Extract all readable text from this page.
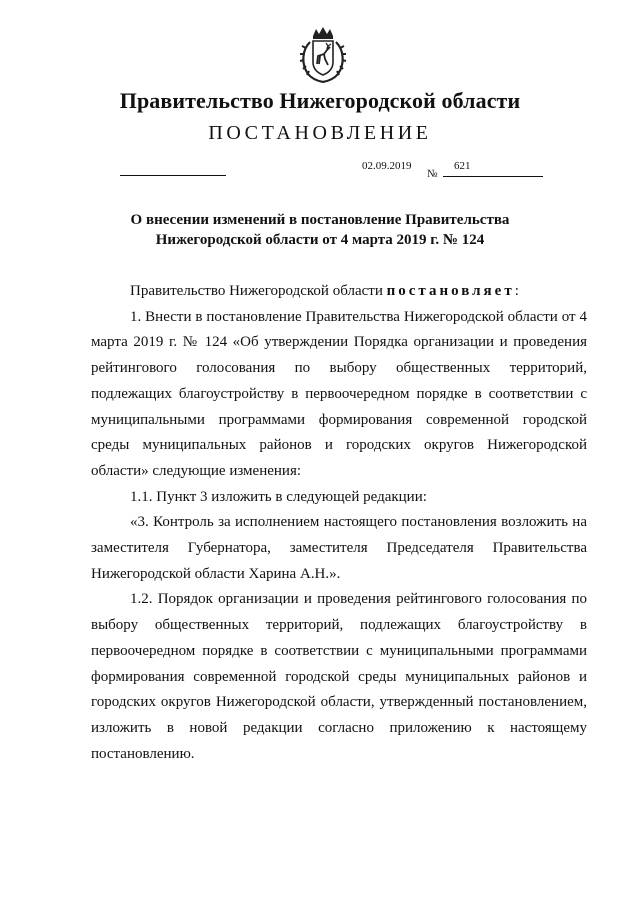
Правительство Нижегородской области
ПОСТАНОВЛЕНИЕ
02.09.2019
№
621
О внесении изменений в постановление Правительства
Нижегородской области от 4 марта 2019 г. № 124

Правительство Нижегородской области постановляет:

1. Внести в постановление Правительства Нижегородской области от 4 марта 2019 г. № 124 «Об утверждении Порядка организации и проведения рейтингового голосования по выбору общественных территорий, подлежащих благоустройству в первоочередном порядке в соответствии с муниципальными программами формирования современной городской среды муниципальных районов и городских округов Нижегородской области» следующие изменения:

1.1. Пункт 3 изложить в следующей редакции:

«3. Контроль за исполнением настоящего постановления возложить на заместителя Губернатора, заместителя Председателя Правительства Нижегородской области Харина А.Н.».

1.2. Порядок организации и проведения рейтингового голосования по выбору общественных территорий, подлежащих благоустройству в первоочередном порядке в соответствии с муниципальными программами формирования современной городской среды муниципальных районов и городских округов Нижегородской области, утвержденный постановлением, изложить в новой редакции согласно приложению к настоящему постановлению.
